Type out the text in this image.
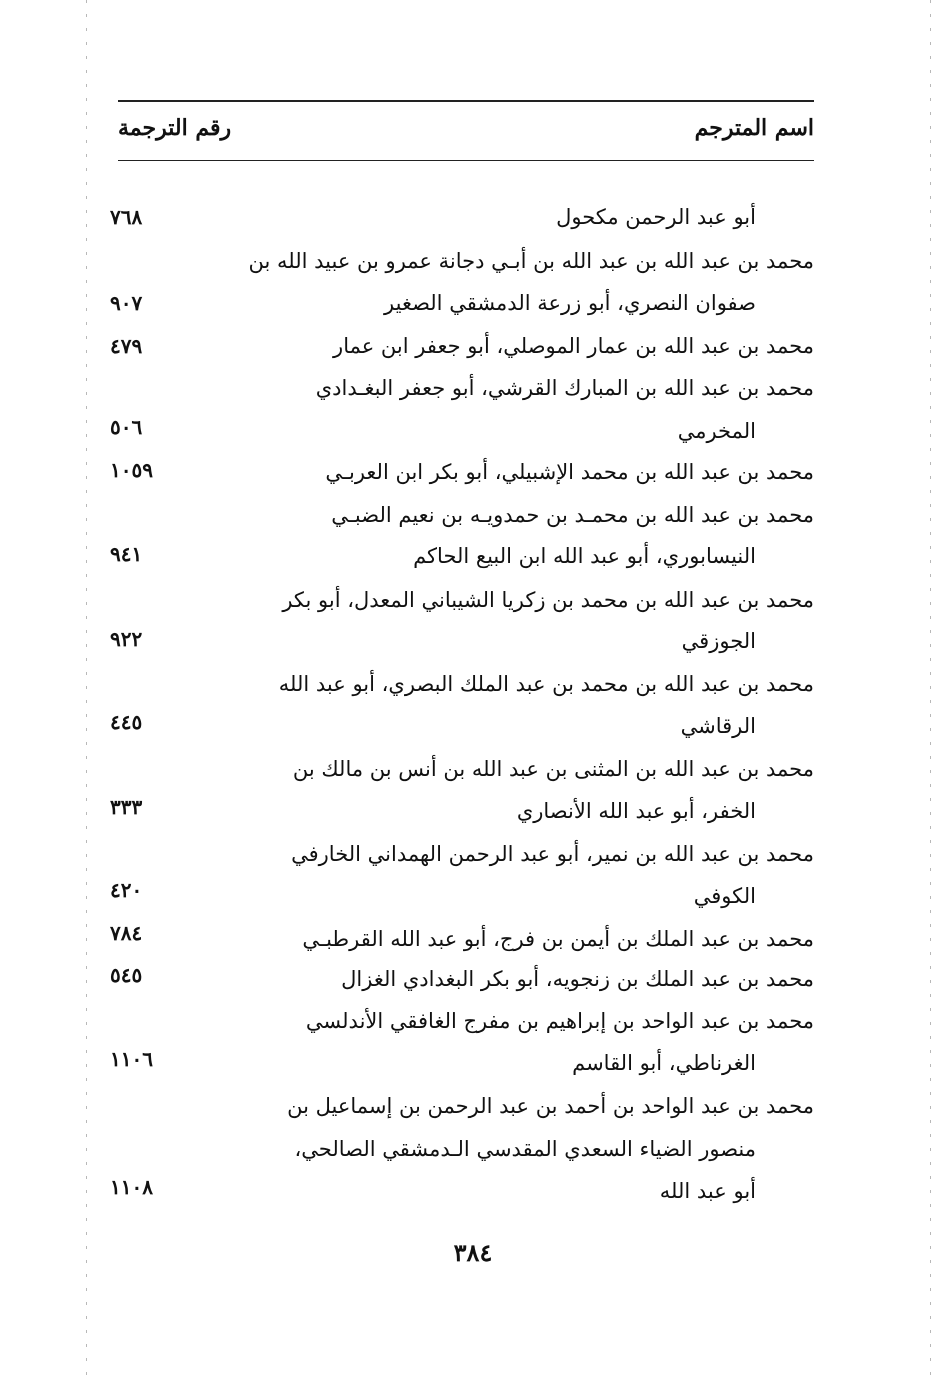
اسم المترجم
رقم الترجمة
أبو عبد الرحمن مكحول
٧٦٨
محمد بن عبد الله بن عبد الله بن أبـي دجانة عمرو بن عبيد الله بن
صفوان النصري، أبو زرعة الدمشقي الصغير
٩٠٧
محمد بن عبد الله بن عمار الموصلي، أبو جعفر ابن عمار
٤٧٩
محمد بن عبد الله بن المبارك القرشي، أبو جعفر البغـدادي
المخرمي
٥٠٦
محمد بن عبد الله بن محمد الإشبيلي، أبو بكر ابن العربـي
١٠٥٩
محمد بن عبد الله بن محمـد بن حمدويـه بن نعيم الضبـي
النيسابوري، أبو عبد الله ابن البيع الحاكم
٩٤١
محمد بن عبد الله بن محمد بن زكريا الشيباني المعدل، أبو بكر
الجوزقي
٩٢٢
محمد بن عبد الله بن محمد بن عبد الملك البصري، أبو عبد الله
الرقاشي
٤٤٥
محمد بن عبد الله بن المثنى بن عبد الله بن أنس بن مالك بن
الخفر، أبو عبد الله الأنصاري
٣٣٣
محمد بن عبد الله بن نمير، أبو عبد الرحمن الهمداني الخارفي
الكوفي
٤٢٠
محمد بن عبد الملك بن أيمن بن فرج، أبو عبد الله القرطبـي
٧٨٤
محمد بن عبد الملك بن زنجويه، أبو بكر البغدادي الغزال
٥٤٥
محمد بن عبد الواحد بن إبراهيم بن مفرج الغافقي الأندلسي
الغرناطي، أبو القاسم
١١٠٦
محمد بن عبد الواحد بن أحمد بن عبد الرحمن بن إسماعيل بن
منصور الضياء السعدي المقدسي الـدمشقي الصالحي،
أبو عبد الله
١١٠٨
٣٨٤
